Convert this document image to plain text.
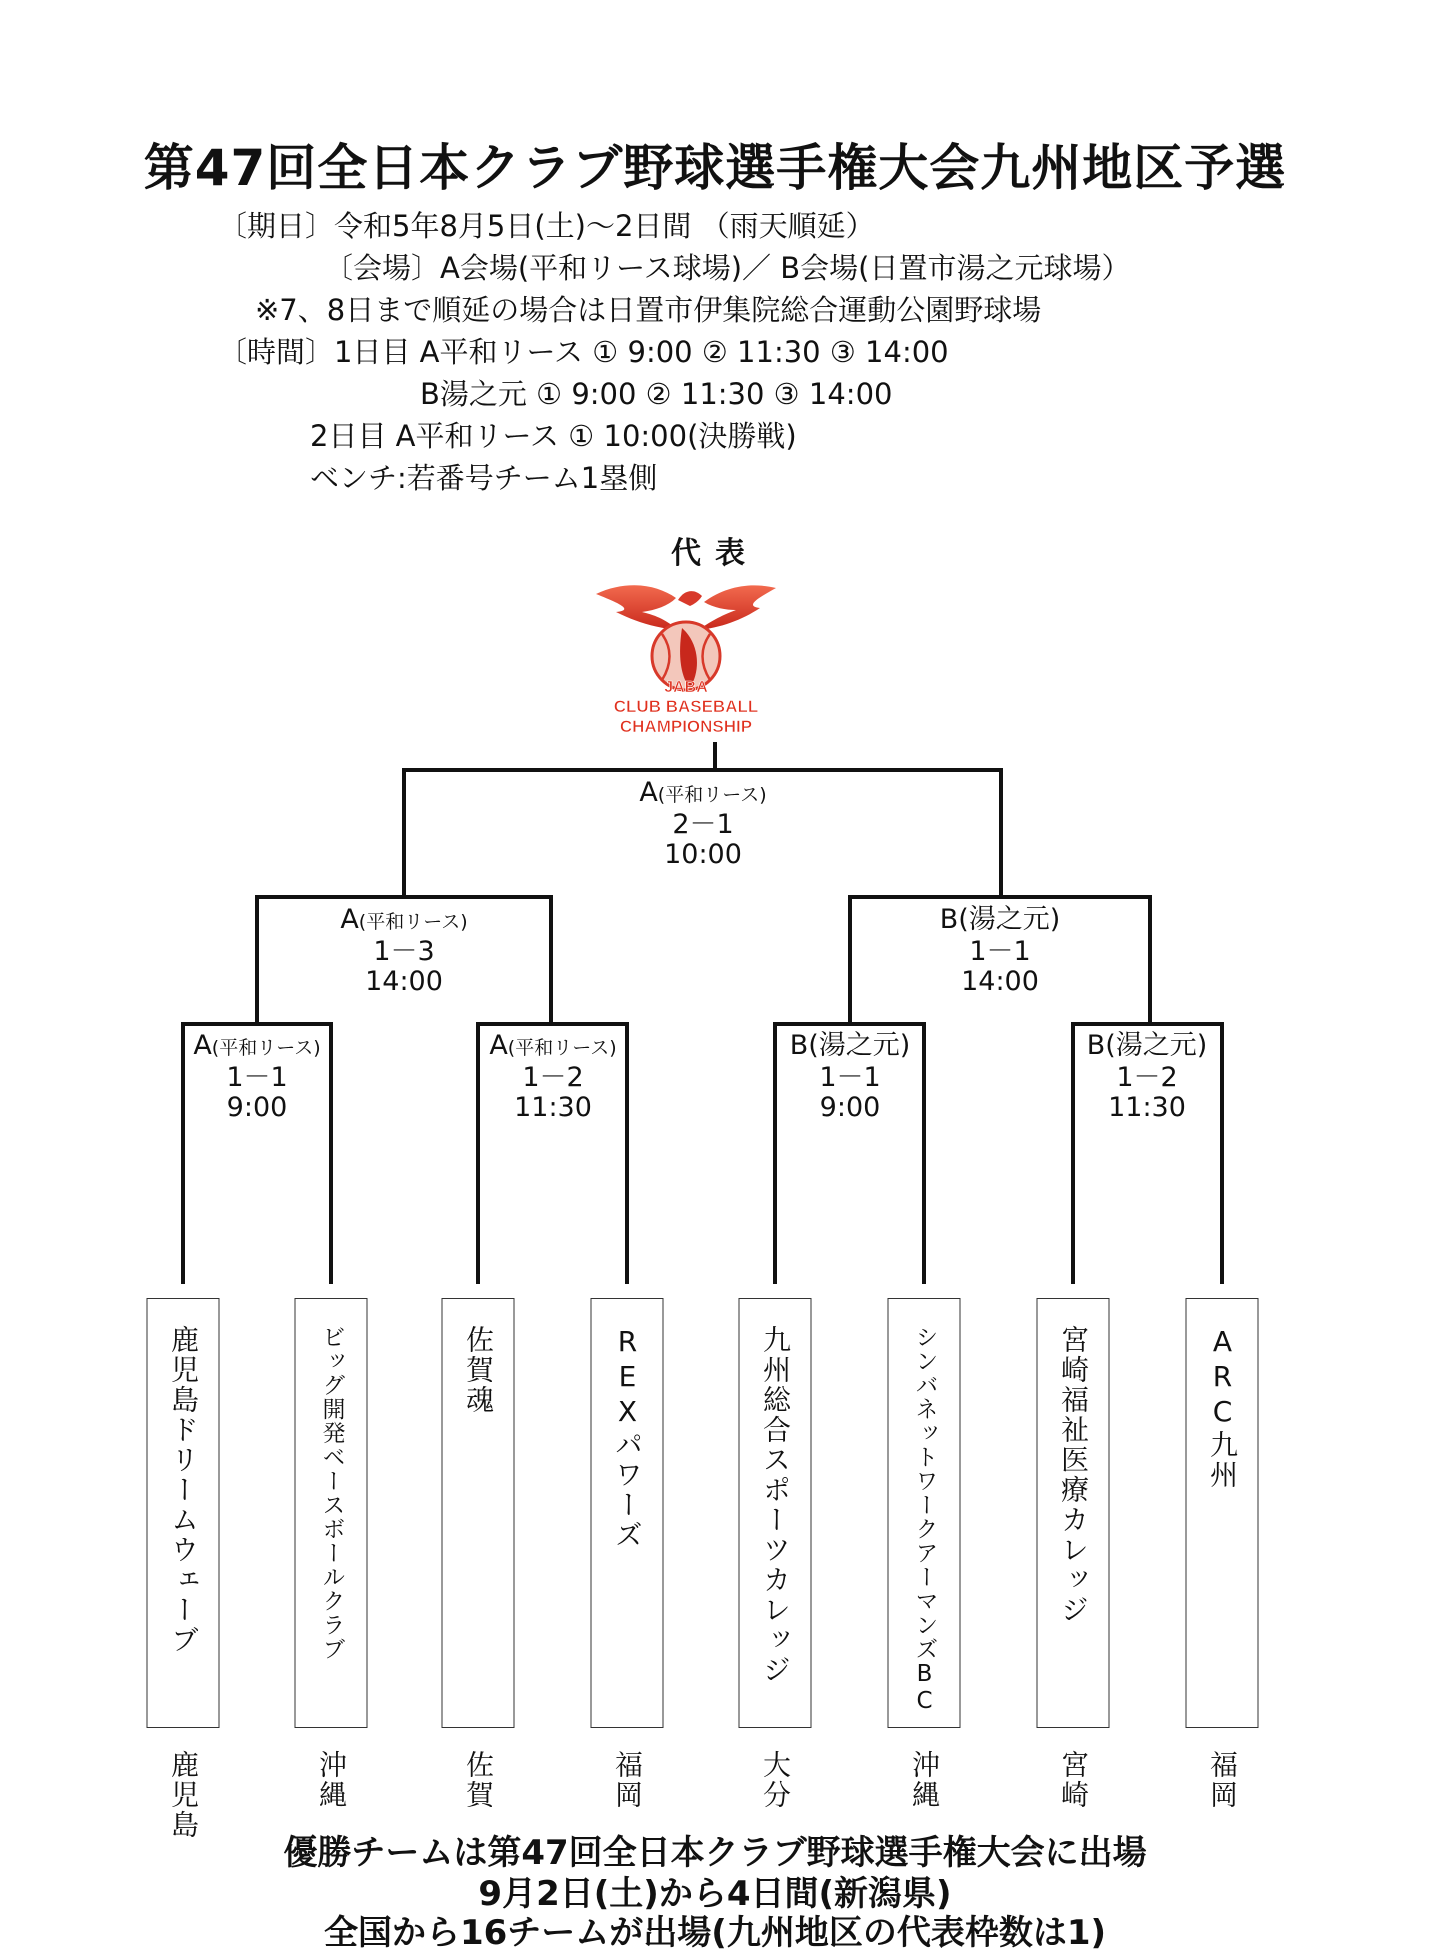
第47回全日本クラブ野球選手権大会九州地区予選
〔期日〕令和5年8月5日(土)～2日間 （雨天順延）
〔会場〕A会場(平和リース球場)／ B会場(日置市湯之元球場）
※7、8日まで順延の場合は日置市伊集院総合運動公園野球場
〔時間〕1日目 A平和リース ① 9:00 ② 11:30 ③ 14:00
B湯之元 ① 9:00 ② 11:30 ③ 14:00
2日目 A平和リース ① 10:00(決勝戦)
ベンチ:若番号チーム1塁側
代表
JABA
CLUB BASEBALL
CHAMPIONSHIP
A(平和リース)
2－1
10:00
A(平和リース)
1－3
14:00
B(湯之元)
1－1
14:00
A(平和リース)
1－1
9:00
A(平和リース)
1－2
11:30
B(湯之元)
1－1
9:00
B(湯之元)
1－2
11:30
鹿児島ドリームウェーブ	ビッグ開発ベースボールクラブ	佐賀魂	REXパワーズ	九州総合スポーツカレッジ	シンバネットワークアーマンズBC	宮崎福祉医療カレッジ	ARC九州
鹿児島	沖縄	佐賀	福岡	大分	沖縄	宮崎	福岡
優勝チームは第47回全日本クラブ野球選手権大会に出場
9月2日(土)から4日間(新潟県)
全国から16チームが出場(九州地区の代表枠数は1)
